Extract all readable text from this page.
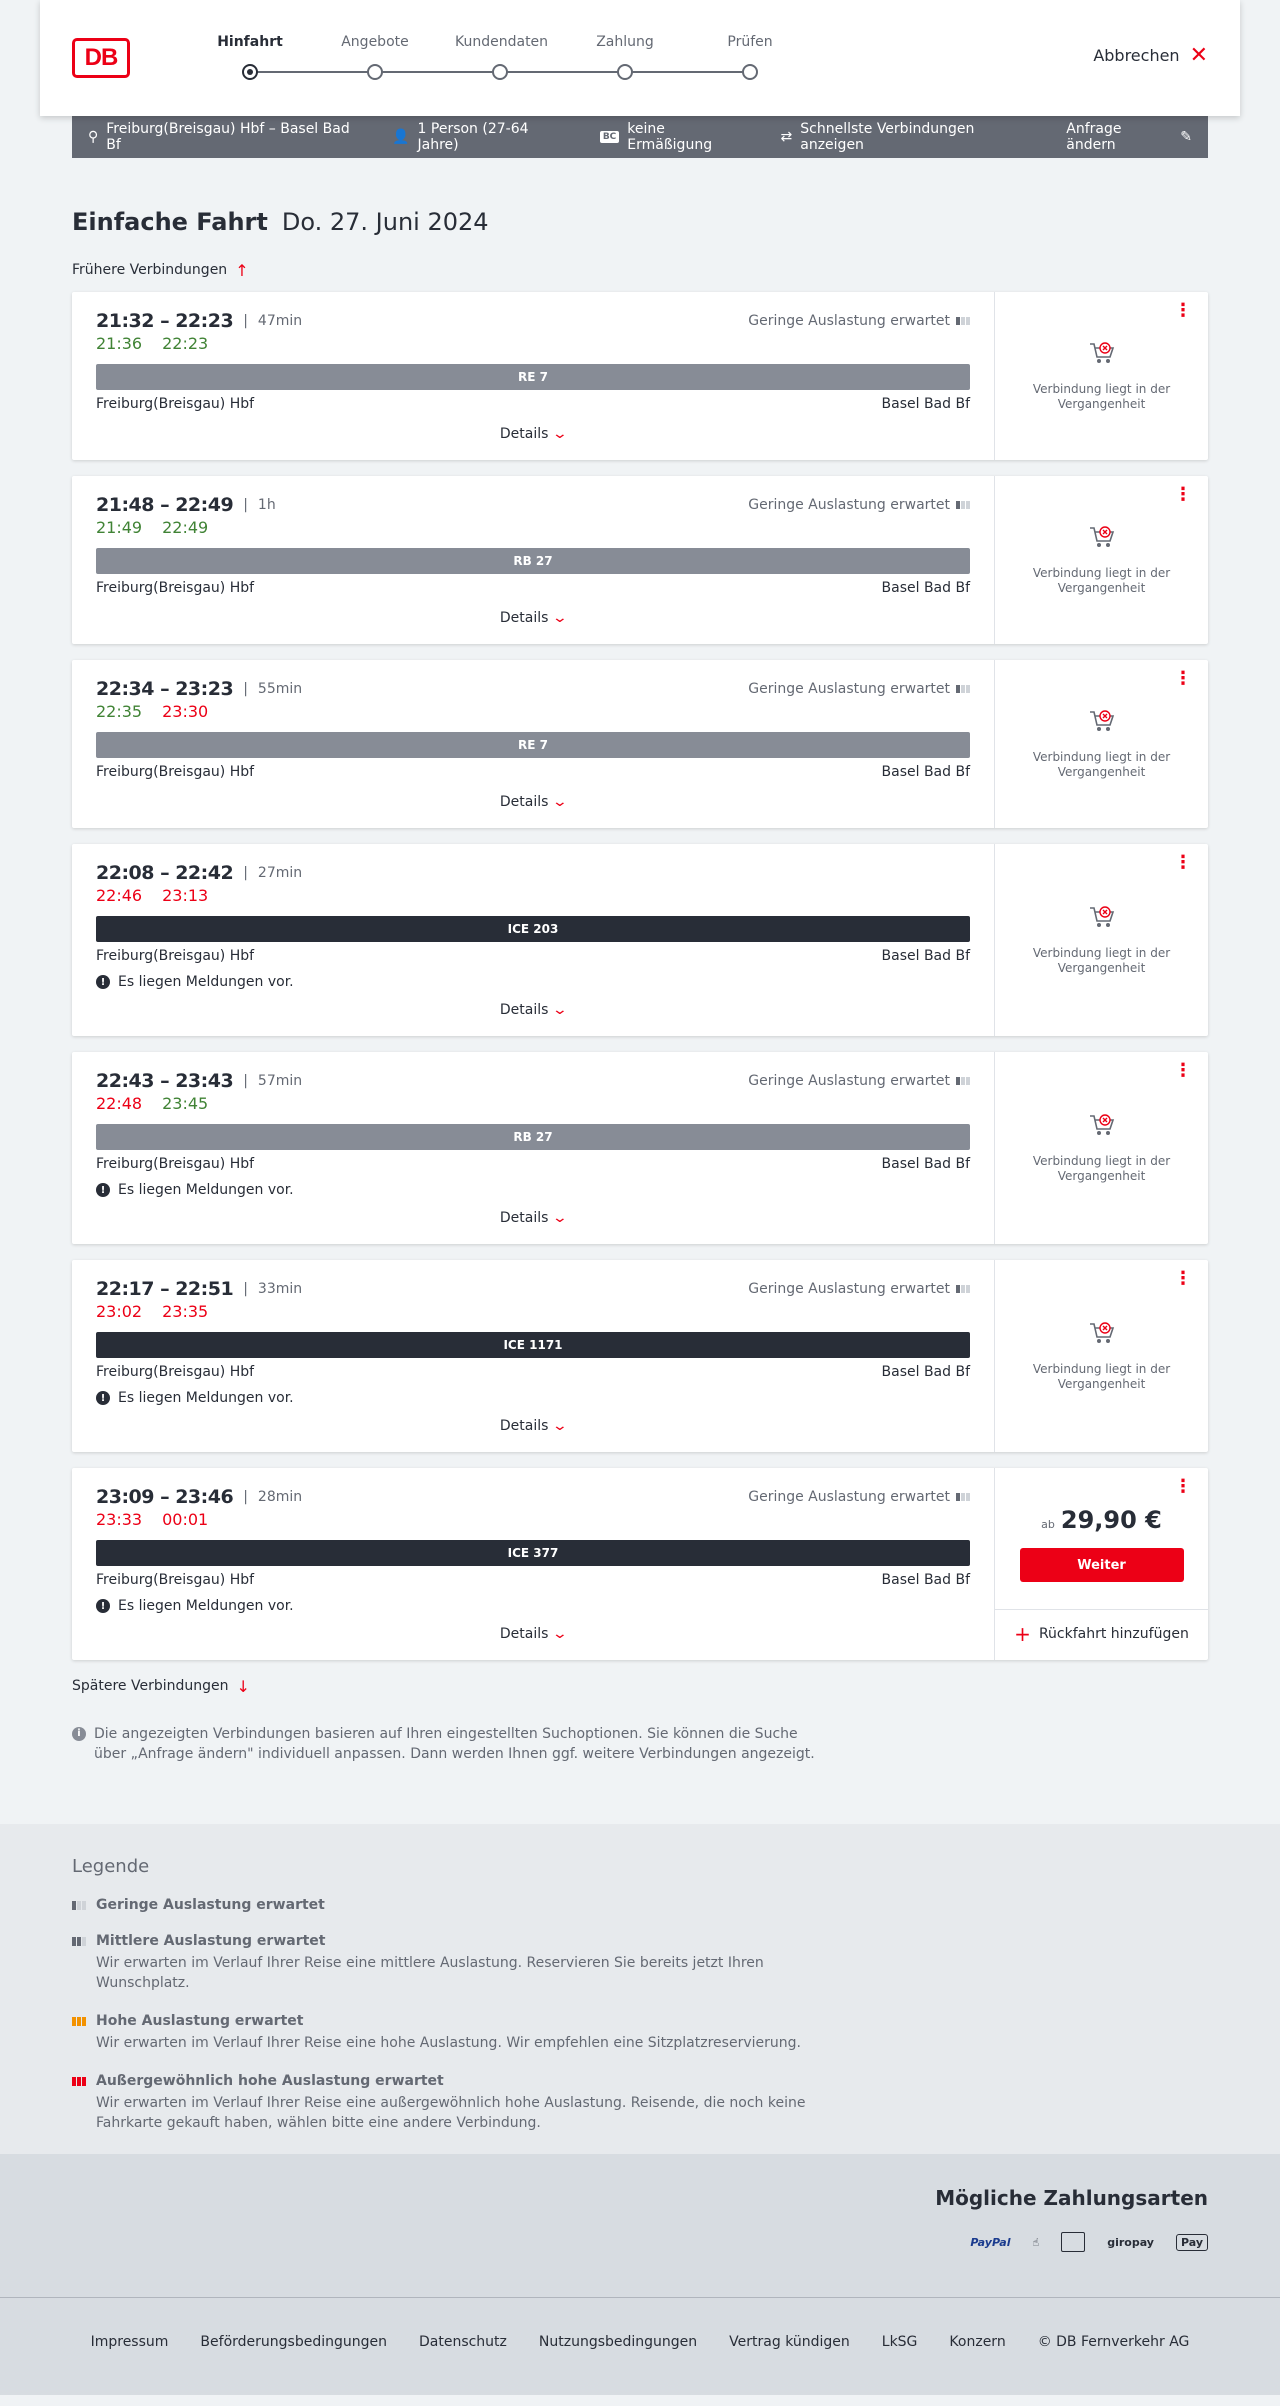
DB
Hinfahrt	Angebote	Kundendaten	Zahlung	Prüfen
Abbrechen ✕
⚲ Freiburg(Breisgau) Hbf – Basel Bad Bf	👤 1 Person (27-64 Jahre)	BC keine Ermäßigung	⇄ Schnellste Verbindungen anzeigen
Anfrage ändern	✎
Einfache Fahrt Do. 27. Juni 2024
Frühere Verbindungen ↑
21:32 – 22:23 | 47min	Geringe Auslastung erwartet
21:36 22:23
RE 7
Freiburg(Breisgau) Hbf	Basel Bad Bf
Details ⌄
⋮
Verbindung liegt in der Vergangenheit
21:48 – 22:49 | 1h	Geringe Auslastung erwartet
21:49 22:49
RB 27
Freiburg(Breisgau) Hbf	Basel Bad Bf
Details ⌄
⋮
Verbindung liegt in der Vergangenheit
22:34 – 23:23 | 55min	Geringe Auslastung erwartet
22:35 23:30
RE 7
Freiburg(Breisgau) Hbf	Basel Bad Bf
Details ⌄
⋮
Verbindung liegt in der Vergangenheit
22:08 – 22:42 | 27min
22:46 23:13
ICE 203
Freiburg(Breisgau) Hbf	Basel Bad Bf
! Es liegen Meldungen vor.
Details ⌄
⋮
Verbindung liegt in der Vergangenheit
22:43 – 23:43 | 57min	Geringe Auslastung erwartet
22:48 23:45
RB 27
Freiburg(Breisgau) Hbf	Basel Bad Bf
! Es liegen Meldungen vor.
Details ⌄
⋮
Verbindung liegt in der Vergangenheit
22:17 – 22:51 | 33min	Geringe Auslastung erwartet
23:02 23:35
ICE 1171
Freiburg(Breisgau) Hbf	Basel Bad Bf
! Es liegen Meldungen vor.
Details ⌄
⋮
Verbindung liegt in der Vergangenheit
23:09 – 23:46 | 28min	Geringe Auslastung erwartet
23:33 00:01
ICE 377
Freiburg(Breisgau) Hbf	Basel Bad Bf
! Es liegen Meldungen vor.
Details ⌄
⋮
ab 29,90 €
Weiter
+ Rückfahrt hinzufügen
Spätere Verbindungen ↓
i Die angezeigten Verbindungen basieren auf Ihren eingestellten Suchoptionen. Sie können die Suche über „Anfrage ändern" individuell anpassen. Dann werden Ihnen ggf. weitere Verbindungen angezeigt.
Legende
Geringe Auslastung erwartet
Mittlere Auslastung erwartet
Wir erwarten im Verlauf Ihrer Reise eine mittlere Auslastung. Reservieren Sie bereits jetzt Ihren Wunschplatz.
Hohe Auslastung erwartet
Wir erwarten im Verlauf Ihrer Reise eine hohe Auslastung. Wir empfehlen eine Sitzplatzreservierung.
Außergewöhnlich hohe Auslastung erwartet
Wir erwarten im Verlauf Ihrer Reise eine außergewöhnlich hohe Auslastung. Reisende, die noch keine Fahrkarte gekauft haben, wählen bitte eine andere Verbindung.
Mögliche Zahlungsarten
PayPal ☝	giropay	Pay
Impressum Beförderungsbedingungen Datenschutz Nutzungsbedingungen Vertrag kündigen LkSG Konzern © DB Fernverkehr AG
